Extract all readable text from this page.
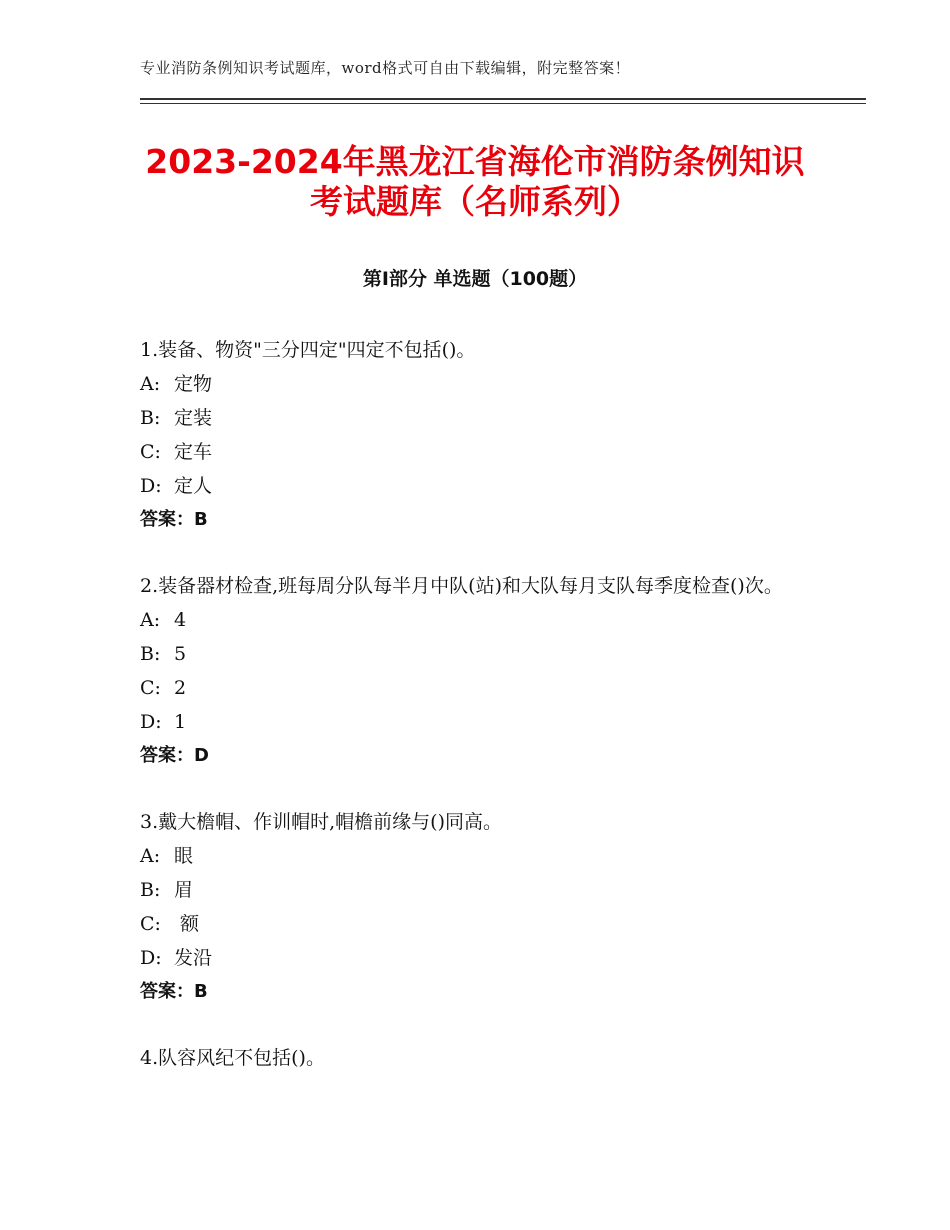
专业消防条例知识考试题库，word格式可自由下载编辑，附完整答案！
2023-2024年黑龙江省海伦市消防条例知识
考试题库（名师系列）
第Ⅰ部分 单选题（100题）
1.装备、物资"三分四定"四定不包括()。
A: 定物
B: 定装
C: 定车
D: 定人
答案：B
2.装备器材检查,班每周分队每半月中队(站)和大队每月支队每季度检查()次。
A: 4
B: 5
C: 2
D: 1
答案：D
3.戴大檐帽、作训帽时,帽檐前缘与()同高。
A: 眼
B: 眉
C: 额
D: 发沿
答案：B
4.队容风纪不包括()。
